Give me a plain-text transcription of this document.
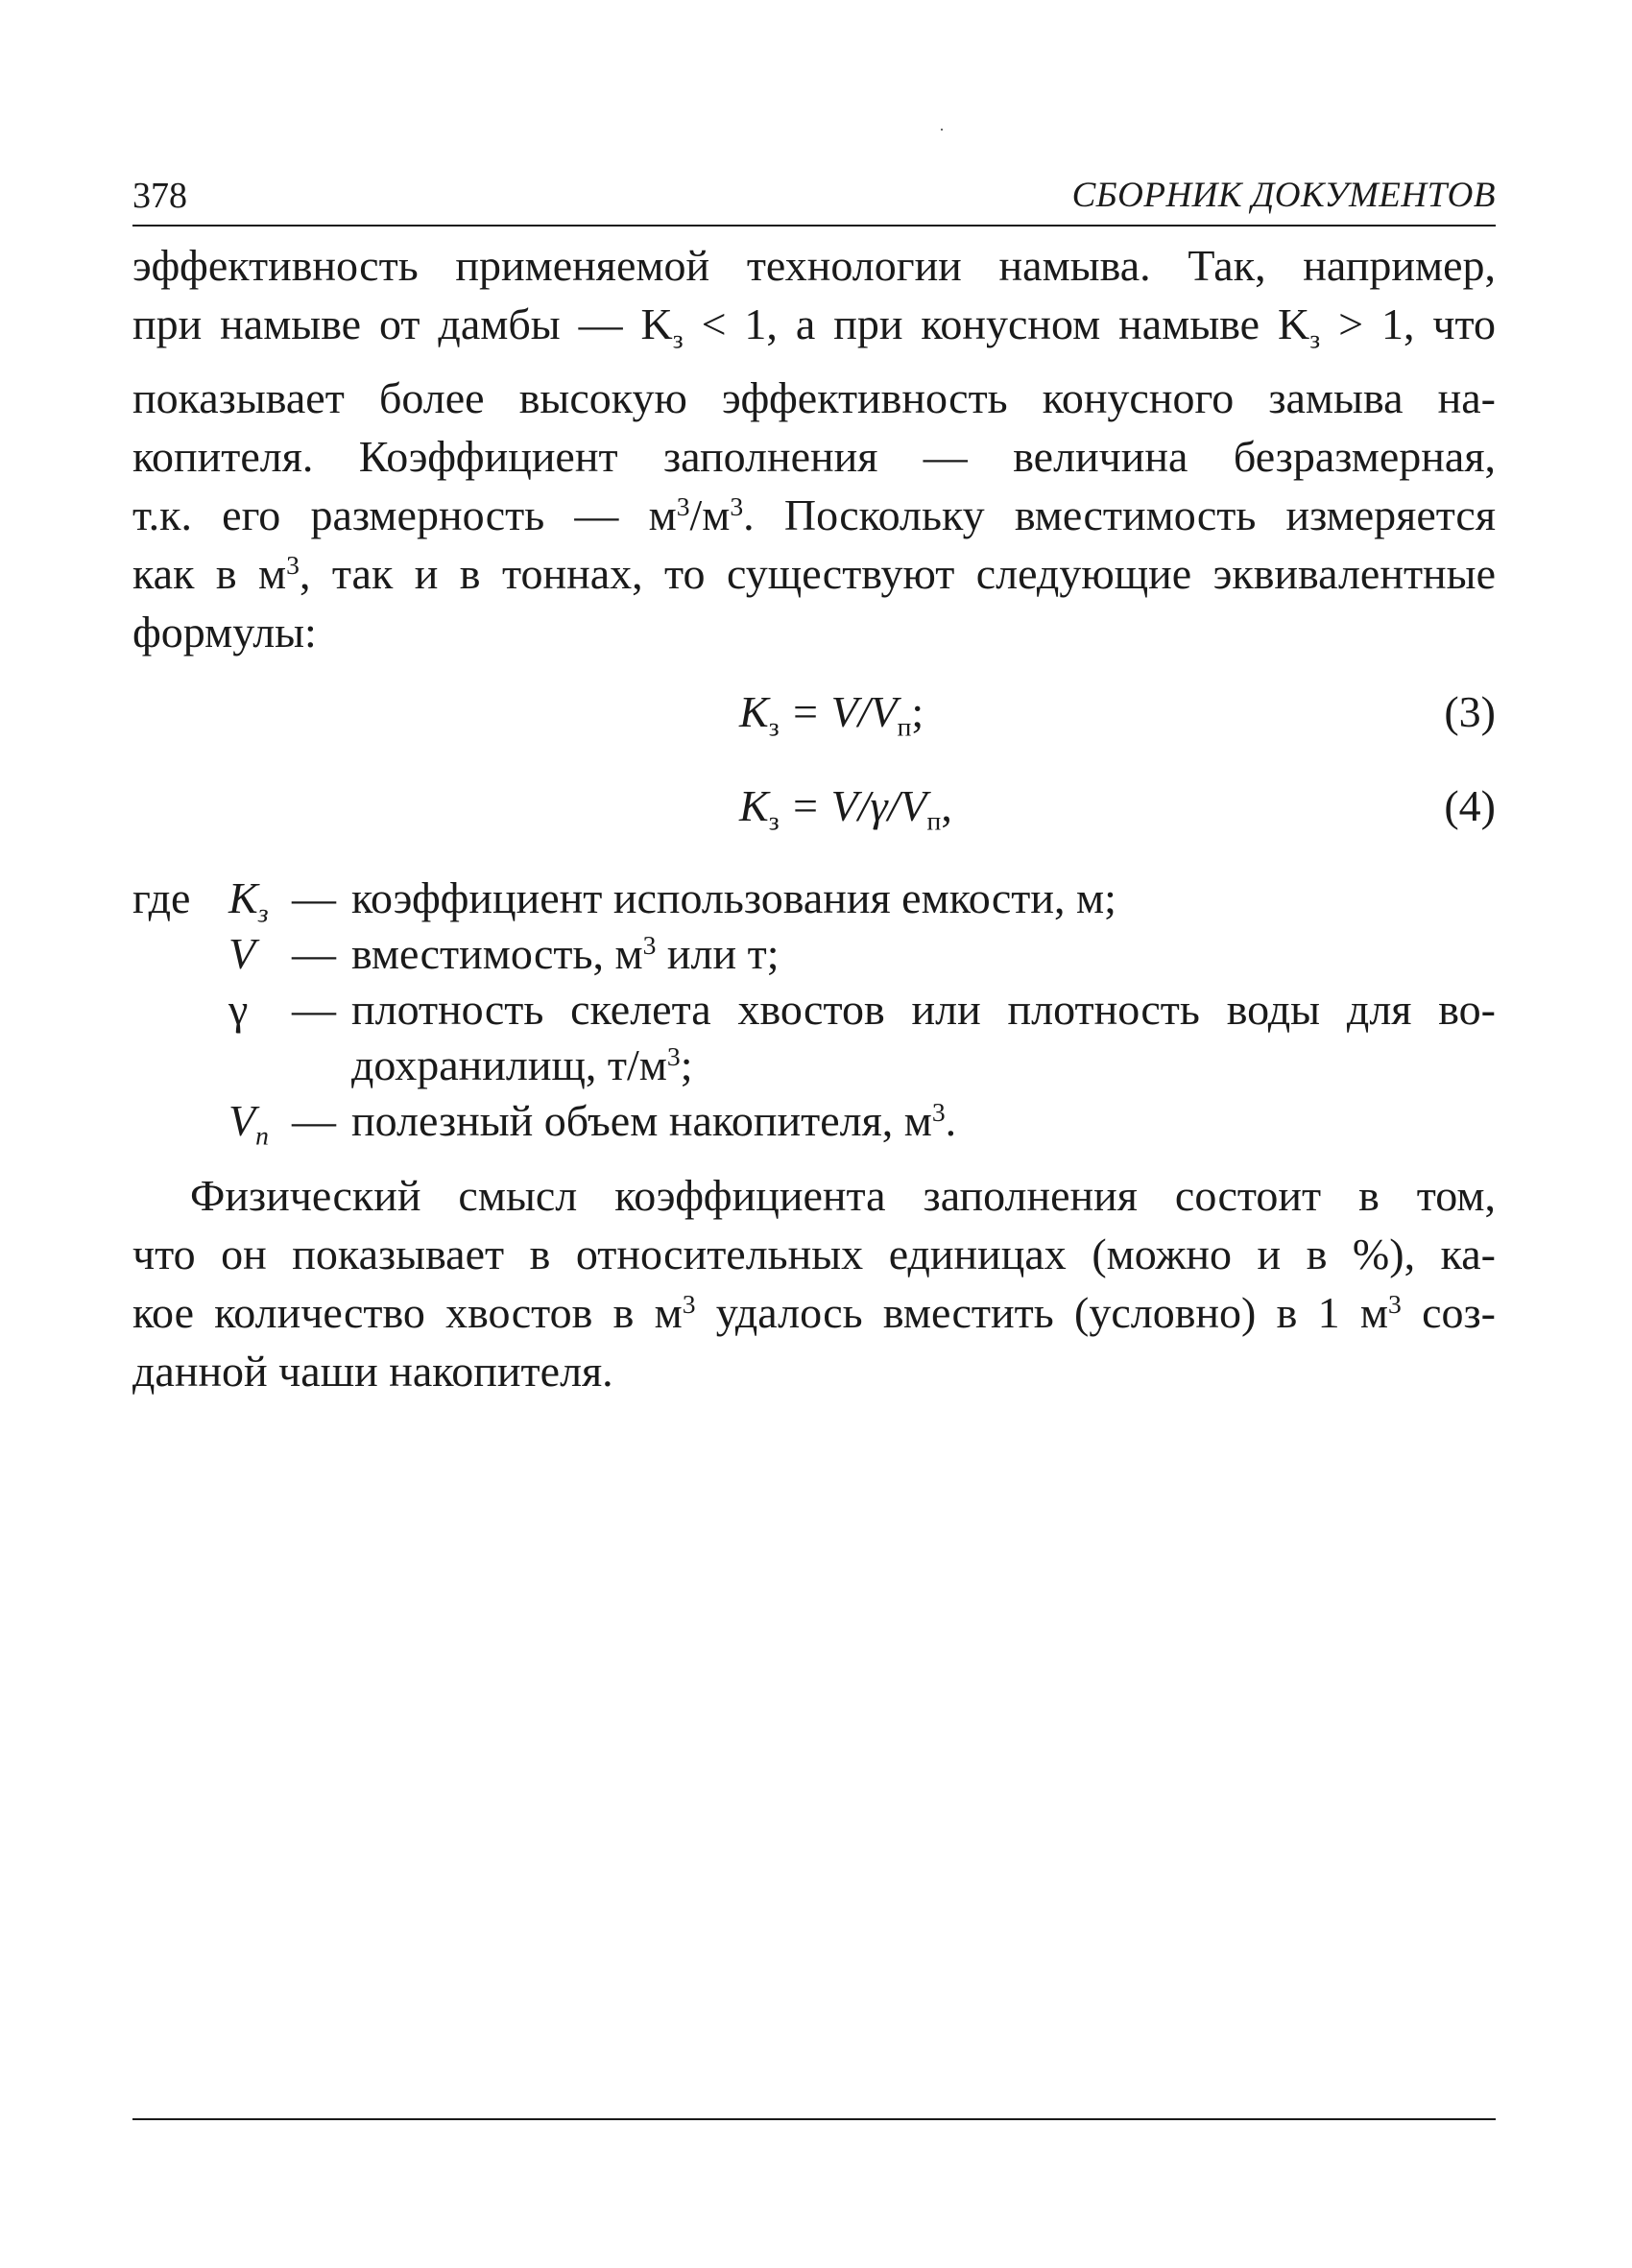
378	СБОРНИК ДОКУМЕНТОВ

эффективность применяемой технологии намыва. Так, например,
при намыве от дамбы — $K_з < 1$, а при конусном намыве $K_з > 1$, что
показывает более высокую эффективность конусного замыва на-
копителя. Коэффициент заполнения — величина безразмерная,
т.к. его размерность — $м^3/м^3$. Поскольку вместимость измеряется
как в $м^3$, так и в тоннах, то существуют следующие эквивалентные
формулы:

$K_з = V/V_п$;	(3)
$K_з = V/\gamma/V_п$,	(4)
где $K_з$ — коэффициент использования емкости, м;
V — вместимость, $м^3$ или т;
γ — плотность скелета хвостов или плотность воды для во-
дохранилищ, $т/м^3$;
$V_п$ — полезный объем накопителя, $м^3$.

Физический смысл коэффициента заполнения состоит в том,
что он показывает в относительных единицах (можно и в %), ка-
кое количество хвостов в $м^3$ удалось вместить (условно) в 1 $м^3$ соз-
данной чаши накопителя.
